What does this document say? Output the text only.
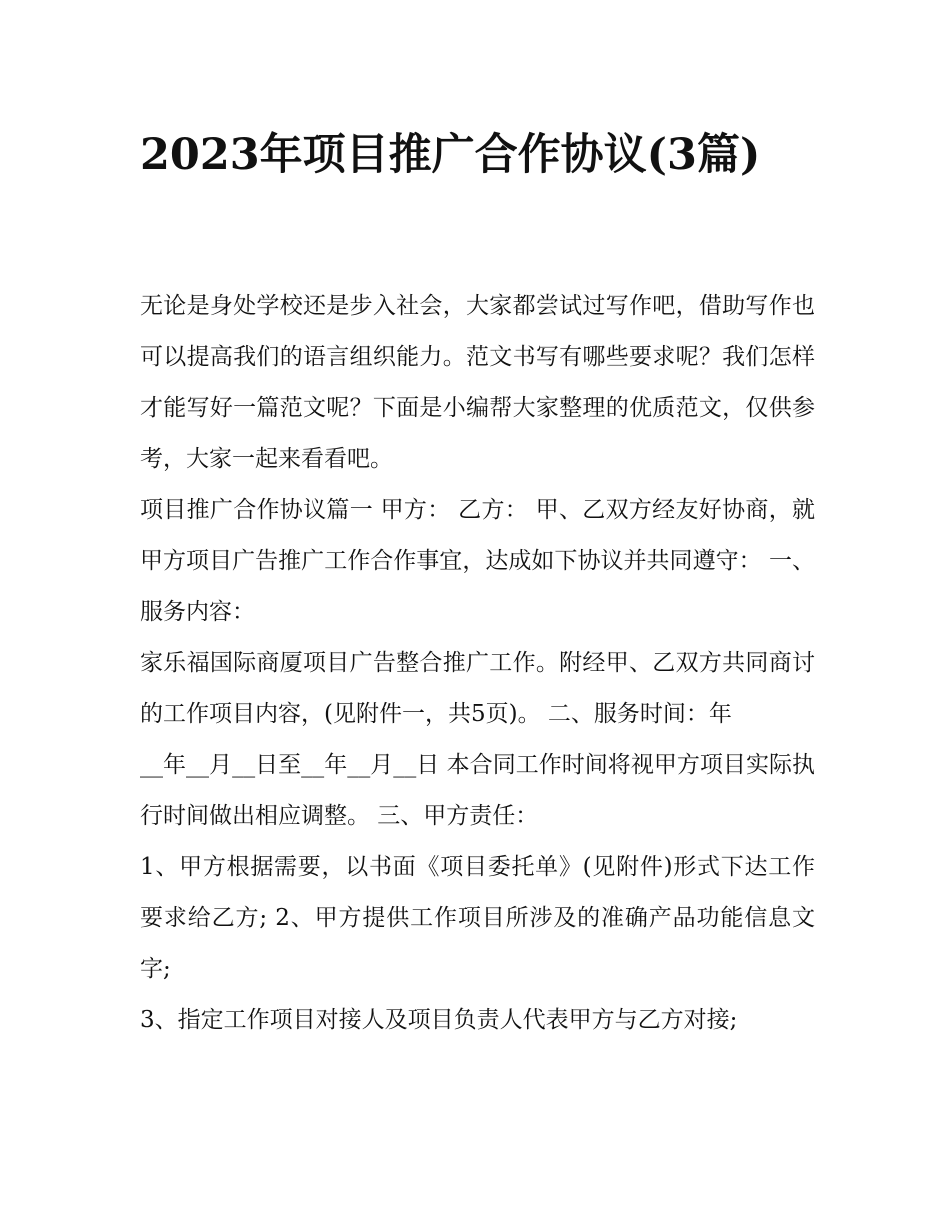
2023年项目推广合作协议(3篇)

无论是身处学校还是步入社会，大家都尝试过写作吧，借助写作也可以提高我们的语言组织能力。范文书写有哪些要求呢？我们怎样才能写好一篇范文呢？下面是小编帮大家整理的优质范文，仅供参考，大家一起来看看吧。

项目推广合作协议篇一 甲方： 乙方： 甲、乙双方经友好协商，就甲方项目广告推广工作合作事宜，达成如下协议并共同遵守： 一、服务内容：

家乐福国际商厦项目广告整合推广工作。附经甲、乙双方共同商讨的工作项目内容，(见附件一，共5页)。 二、服务时间：年

__年__月__日至__年__月__日 本合同工作时间将视甲方项目实际执行时间做出相应调整。 三、甲方责任：

1、甲方根据需要，以书面《项目委托单》(见附件)形式下达工作要求给乙方; 2、甲方提供工作项目所涉及的准确产品功能信息文字;

3、指定工作项目对接人及项目负责人代表甲方与乙方对接;
